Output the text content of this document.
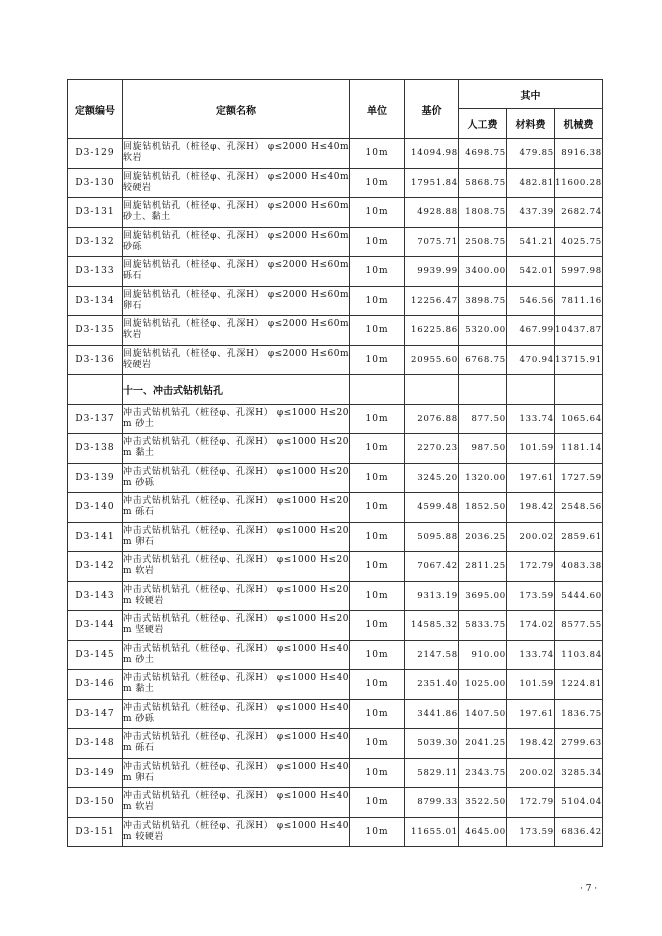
定额编号	定额名称	单位	基价	其中		
				人工费	材料费	机械费
D3-129	回旋钻机钻孔（桩径φ、孔深H） φ≤2000 H≤40m 软岩	10m	14094.98	4698.75	479.85	8916.38
D3-130	回旋钻机钻孔（桩径φ、孔深H） φ≤2000 H≤40m 较硬岩	10m	17951.84	5868.75	482.81	11600.28
D3-131	回旋钻机钻孔（桩径φ、孔深H） φ≤2000 H≤60m 砂土、黏土	10m	4928.88	1808.75	437.39	2682.74
D3-132	回旋钻机钻孔（桩径φ、孔深H） φ≤2000 H≤60m 砂砾	10m	7075.71	2508.75	541.21	4025.75
D3-133	回旋钻机钻孔（桩径φ、孔深H） φ≤2000 H≤60m 砾石	10m	9939.99	3400.00	542.01	5997.98
D3-134	回旋钻机钻孔（桩径φ、孔深H） φ≤2000 H≤60m 卵石	10m	12256.47	3898.75	546.56	7811.16
D3-135	回旋钻机钻孔（桩径φ、孔深H） φ≤2000 H≤60m 软岩	10m	16225.86	5320.00	467.99	10437.87
D3-136	回旋钻机钻孔（桩径φ、孔深H） φ≤2000 H≤60m 较硬岩	10m	20955.60	6768.75	470.94	13715.91
	十一、冲击式钻机钻孔					
D3-137	冲击式钻机钻孔（桩径φ、孔深H） φ≤1000 H≤20m 砂土	10m	2076.88	877.50	133.74	1065.64
D3-138	冲击式钻机钻孔（桩径φ、孔深H） φ≤1000 H≤20m 黏土	10m	2270.23	987.50	101.59	1181.14
D3-139	冲击式钻机钻孔（桩径φ、孔深H） φ≤1000 H≤20m 砂砾	10m	3245.20	1320.00	197.61	1727.59
D3-140	冲击式钻机钻孔（桩径φ、孔深H） φ≤1000 H≤20m 砾石	10m	4599.48	1852.50	198.42	2548.56
D3-141	冲击式钻机钻孔（桩径φ、孔深H） φ≤1000 H≤20m 卵石	10m	5095.88	2036.25	200.02	2859.61
D3-142	冲击式钻机钻孔（桩径φ、孔深H） φ≤1000 H≤20m 软岩	10m	7067.42	2811.25	172.79	4083.38
D3-143	冲击式钻机钻孔（桩径φ、孔深H） φ≤1000 H≤20m 较硬岩	10m	9313.19	3695.00	173.59	5444.60
D3-144	冲击式钻机钻孔（桩径φ、孔深H） φ≤1000 H≤20m 坚硬岩	10m	14585.32	5833.75	174.02	8577.55
D3-145	冲击式钻机钻孔（桩径φ、孔深H） φ≤1000 H≤40m 砂土	10m	2147.58	910.00	133.74	1103.84
D3-146	冲击式钻机钻孔（桩径φ、孔深H） φ≤1000 H≤40m 黏土	10m	2351.40	1025.00	101.59	1224.81
D3-147	冲击式钻机钻孔（桩径φ、孔深H） φ≤1000 H≤40m 砂砾	10m	3441.86	1407.50	197.61	1836.75
D3-148	冲击式钻机钻孔（桩径φ、孔深H） φ≤1000 H≤40m 砾石	10m	5039.30	2041.25	198.42	2799.63
D3-149	冲击式钻机钻孔（桩径φ、孔深H） φ≤1000 H≤40m 卵石	10m	5829.11	2343.75	200.02	3285.34
D3-150	冲击式钻机钻孔（桩径φ、孔深H） φ≤1000 H≤40m 软岩	10m	8799.33	3522.50	172.79	5104.04
D3-151	冲击式钻机钻孔（桩径φ、孔深H） φ≤1000 H≤40m 较硬岩	10m	11655.01	4645.00	173.59	6836.42
· 7 ·
